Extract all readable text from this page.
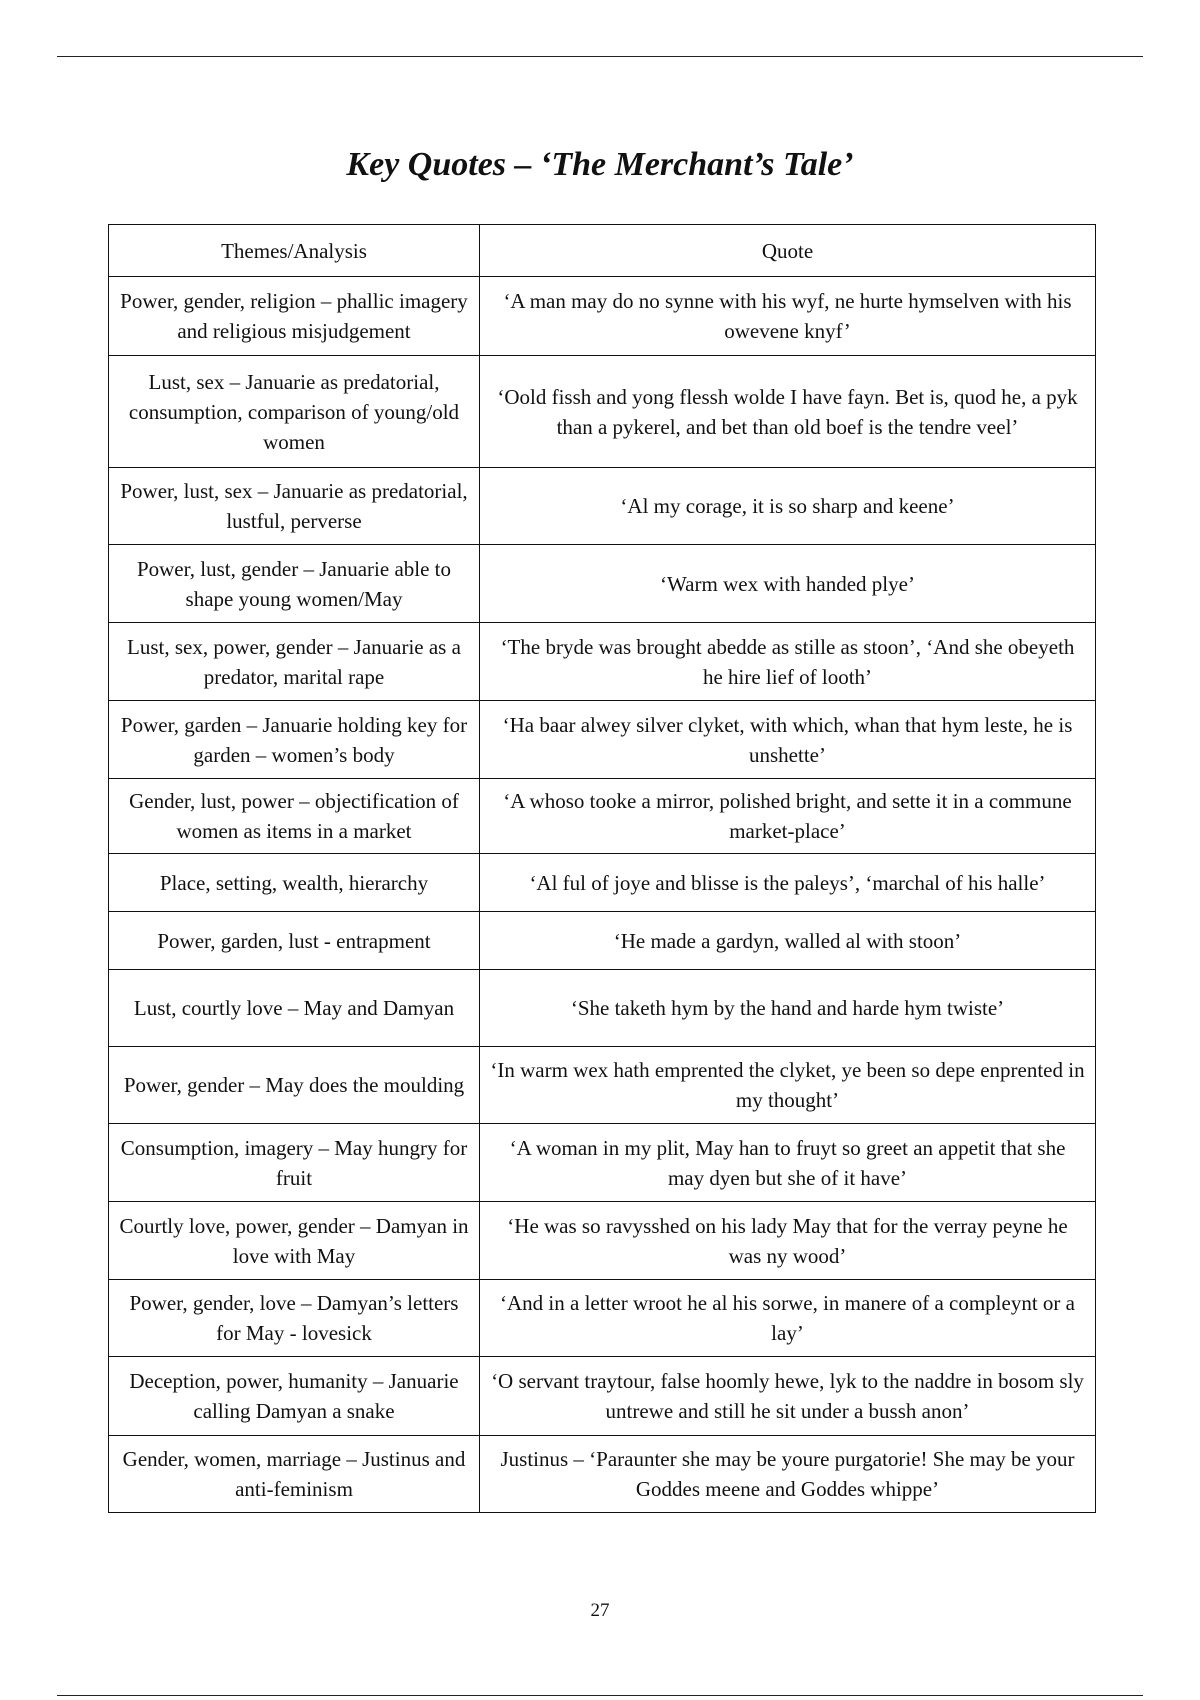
Key Quotes – ‘The Merchant’s Tale’
Themes/Analysis	Quote
Power, gender, religion – phallic imagery and religious misjudgement	‘A man may do no synne with his wyf, ne hurte hymselven with his owevene knyf’
Lust, sex – Januarie as predatorial, consumption, comparison of young/old women	‘Oold fissh and yong flessh wolde I have fayn. Bet is, quod he, a pyk than a pykerel, and bet than old boef is the tendre veel’
Power, lust, sex – Januarie as predatorial, lustful, perverse	‘Al my corage, it is so sharp and keene’
Power, lust, gender – Januarie able to shape young women/May	‘Warm wex with handed plye’
Lust, sex, power, gender – Januarie as a predator, marital rape	‘The bryde was brought abedde as stille as stoon’, ‘And she obeyeth he hire lief of looth’
Power, garden – Januarie holding key for garden – women’s body	‘Ha baar alwey silver clyket, with which, whan that hym leste, he is unshette’
Gender, lust, power – objectification of women as items in a market	‘A whoso tooke a mirror, polished bright, and sette it in a commune market-place’
Place, setting, wealth, hierarchy	‘Al ful of joye and blisse is the paleys’, ‘marchal of his halle’
Power, garden, lust - entrapment	‘He made a gardyn, walled al with stoon’
Lust, courtly love – May and Damyan	‘She taketh hym by the hand and harde hym twiste’
Power, gender – May does the moulding	‘In warm wex hath emprented the clyket, ye been so depe enprented in my thought’
Consumption, imagery – May hungry for fruit	‘A woman in my plit, May han to fruyt so greet an appetit that she may dyen but she of it have’
Courtly love, power, gender – Damyan in love with May	‘He was so ravysshed on his lady May that for the verray peyne he was ny wood’
Power, gender, love – Damyan’s letters for May - lovesick	‘And in a letter wroot he al his sorwe, in manere of a compleynt or a lay’
Deception, power, humanity – Januarie calling Damyan a snake	‘O servant traytour, false hoomly hewe, lyk to the naddre in bosom sly untrewe and still he sit under a bussh anon’
Gender, women, marriage – Justinus and anti-feminism	Justinus – ‘Paraunter she may be youre purgatorie! She may be your Goddes meene and Goddes whippe’
27
